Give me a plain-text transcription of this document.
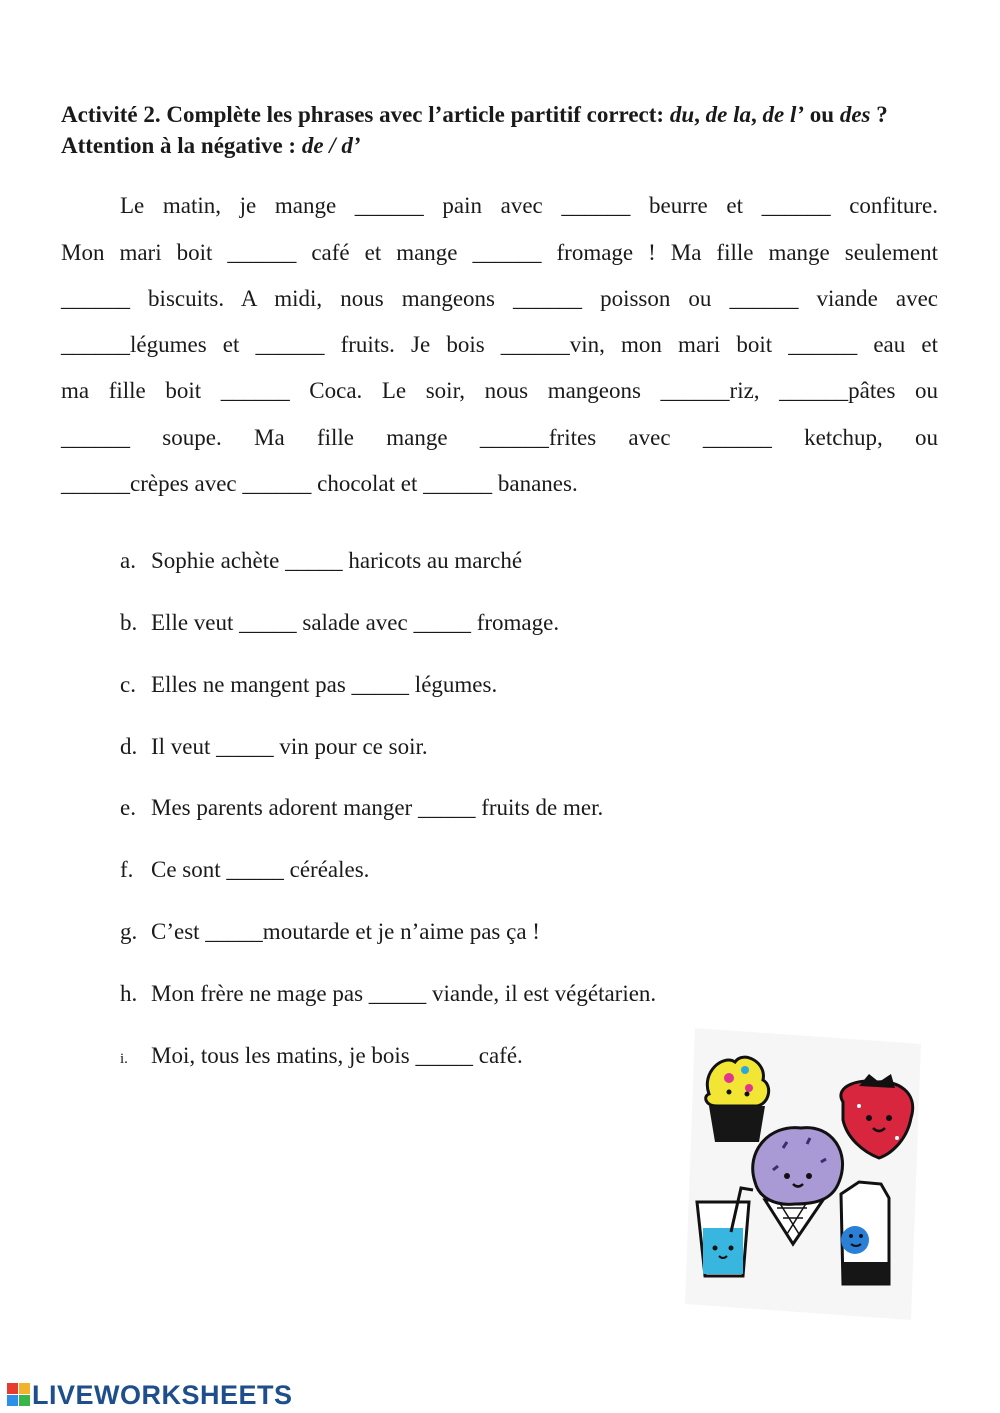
Activité 2. Complète les phrases avec l’article partitif correct: du, de la, de l’ ou des ? Attention à la négative : de / d’
Le matin, je mange ______ pain avec ______ beurre et ______ confiture.
Mon mari boit ______ café et mange ______ fromage ! Ma fille mange seulement
______ biscuits. A midi, nous mangeons ______ poisson ou ______ viande avec
______légumes et ______ fruits. Je bois ______vin, mon mari boit ______ eau et
ma fille boit ______ Coca. Le soir, nous mangeons ______riz, ______pâtes ou
______ soupe. Ma fille mange ______frites avec ______ ketchup, ou
______crèpes avec ______ chocolat et ______ bananes.
a. Sophie achète _____ haricots au marché
b. Elle veut _____ salade avec _____ fromage.
c. Elles ne mangent pas _____ légumes.
d. Il veut _____ vin pour ce soir.
e. Mes parents adorent manger _____ fruits de mer.
f. Ce sont _____ céréales.
g. C’est _____moutarde et je n’aime pas ça !
h. Mon frère ne mage pas _____ viande, il est végétarien.
i. Moi, tous les matins, je bois _____ café.
LIVEWORKSHEETS
